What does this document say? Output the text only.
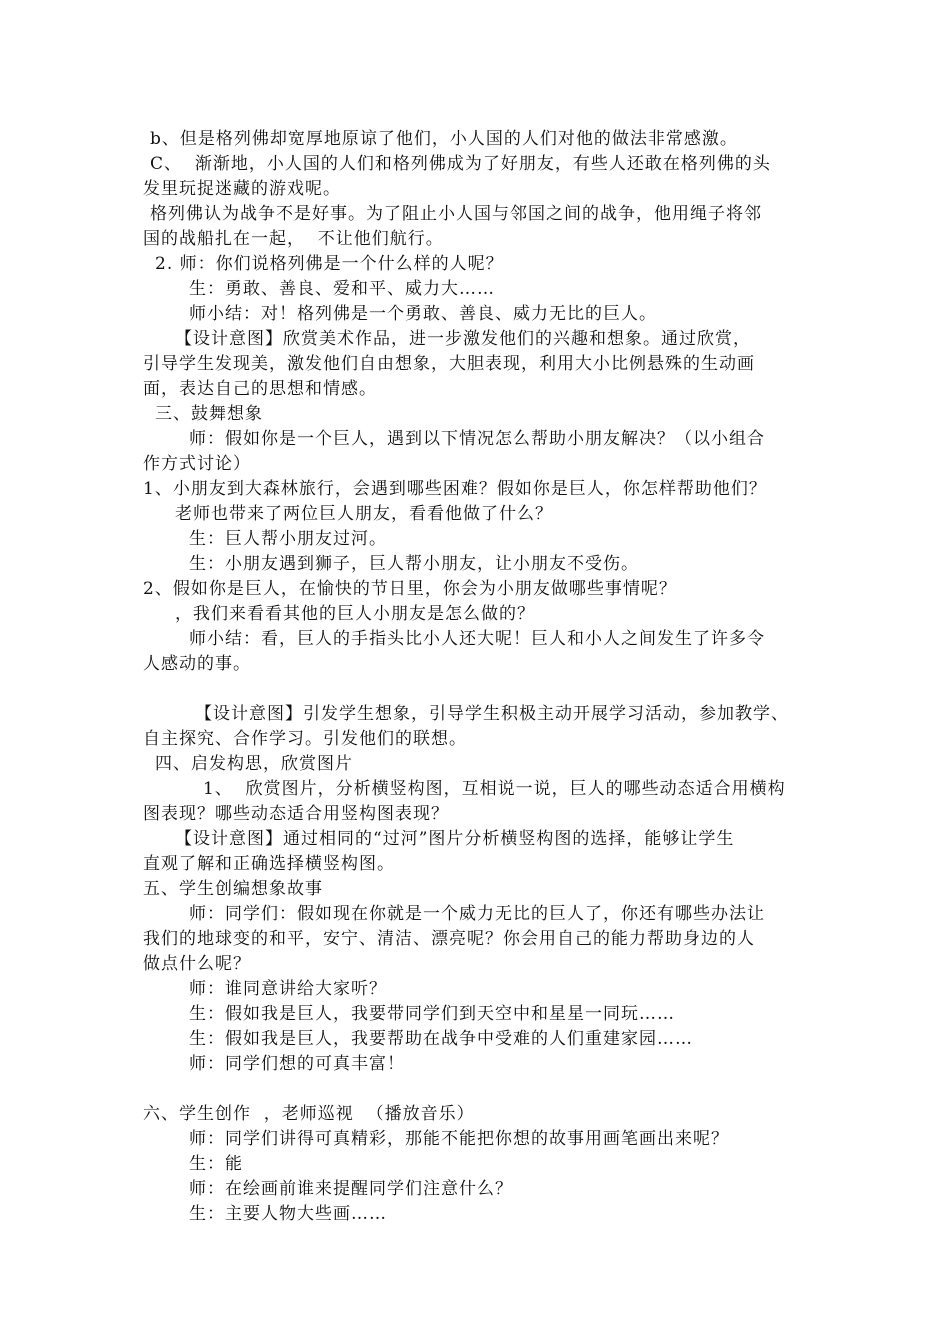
b、但是格列佛却宽厚地原谅了他们，小人国的人们对他的做法非常感激。
C、  渐渐地，小人国的人们和格列佛成为了好朋友，有些人还敢在格列佛的头
发里玩捉迷藏的游戏呢。
格列佛认为战争不是好事。为了阻止小人国与邻国之间的战争，他用绳子将邻
国的战船扎在一起，  不让他们航行。
2. 师：你们说格列佛是一个什么样的人呢？
生：勇敢、善良、爱和平、威力大……
师小结：对！格列佛是一个勇敢、善良、威力无比的巨人。
【设计意图】欣赏美术作品，进一步激发他们的兴趣和想象。通过欣赏，
引导学生发现美，激发他们自由想象，大胆表现，利用大小比例悬殊的生动画
面，表达自己的思想和情感。
三、鼓舞想象
师：假如你是一个巨人，遇到以下情况怎么帮助小朋友解决？（以小组合
作方式讨论）
1、小朋友到大森林旅行，会遇到哪些困难？假如你是巨人，你怎样帮助他们？
老师也带来了两位巨人朋友，看看他做了什么？
生：巨人帮小朋友过河。
生：小朋友遇到狮子，巨人帮小朋友，让小朋友不受伤。
2、假如你是巨人，在愉快的节日里，你会为小朋友做哪些事情呢？
，我们来看看其他的巨人小朋友是怎么做的？
师小结：看，巨人的手指头比小人还大呢！巨人和小人之间发生了许多令
人感动的事。
【设计意图】引发学生想象，引导学生积极主动开展学习活动，参加教学、
自主探究、合作学习。引发他们的联想。
四、启发构思，欣赏图片
1、  欣赏图片，分析横竖构图，互相说一说，巨人的哪些动态适合用横构
图表现？哪些动态适合用竖构图表现？
【设计意图】通过相同的“过河”图片分析横竖构图的选择，能够让学生
直观了解和正确选择横竖构图。
五、学生创编想象故事
师：同学们：假如现在你就是一个威力无比的巨人了，你还有哪些办法让
我们的地球变的和平，安宁、清洁、漂亮呢？你会用自己的能力帮助身边的人
做点什么呢？
师：谁同意讲给大家听？
生：假如我是巨人，我要带同学们到天空中和星星一同玩……
生：假如我是巨人，我要帮助在战争中受难的人们重建家园……
师：同学们想的可真丰富！
六、学生创作  ，老师巡视  （播放音乐）
师：同学们讲得可真精彩，那能不能把你想的故事用画笔画出来呢？
生：能
师：在绘画前谁来提醒同学们注意什么？
生：主要人物大些画……
